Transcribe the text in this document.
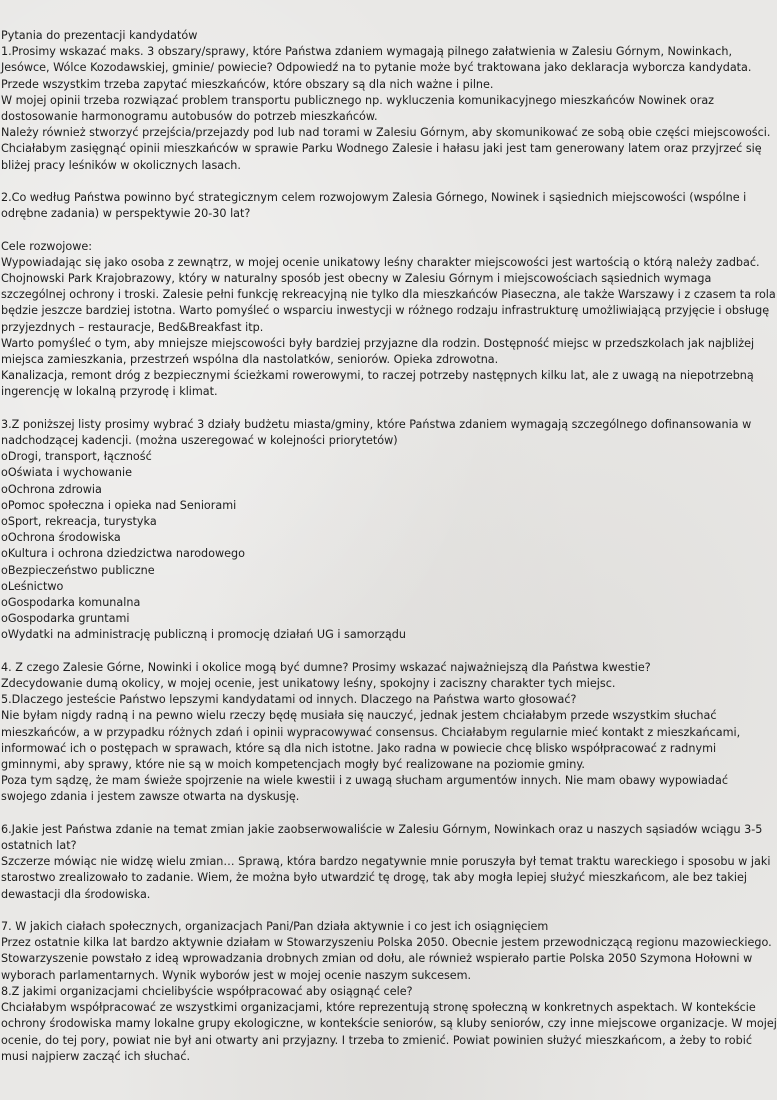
Pytania do prezentacji kandydatów

1.Prosimy wskazać maks. 3 obszary/sprawy, które Państwa zdaniem wymagają pilnego załatwienia w Zalesiu Górnym, Nowinkach, Jesówce, Wólce Kozodawskiej, gminie/ powiecie? Odpowiedź na to pytanie może być traktowana jako deklaracja wyborcza kandydata.

Przede wszystkim trzeba zapytać mieszkańców, które obszary są dla nich ważne i pilne.

W mojej opinii trzeba rozwiązać problem transportu publicznego np. wykluczenia komunikacyjnego mieszkańców Nowinek oraz dostosowanie harmonogramu autobusów do potrzeb mieszkańców.

Należy również stworzyć przejścia/przejazdy pod lub nad torami w Zalesiu Górnym, aby skomunikować ze sobą obie części miejscowości.

Chciałabym zasięgnąć opinii mieszkańców w sprawie Parku Wodnego Zalesie i hałasu jaki jest tam generowany latem oraz przyjrzeć się bliżej pracy leśników w okolicznych lasach.

2.Co według Państwa powinno być strategicznym celem rozwojowym Zalesia Górnego, Nowinek i sąsiednich miejscowości (wspólne i odrębne zadania) w perspektywie 20-30 lat?

Cele rozwojowe:

Wypowiadając się jako osoba z zewnątrz, w mojej ocenie unikatowy leśny charakter miejscowości jest wartością o którą należy zadbać. Chojnowski Park Krajobrazowy, który w naturalny sposób jest obecny w Zalesiu Górnym i miejscowościach sąsiednich wymaga szczególnej ochrony i troski. Zalesie pełni funkcję rekreacyjną nie tylko dla mieszkańców Piaseczna, ale także Warszawy i z czasem ta rola będzie jeszcze bardziej istotna. Warto pomyśleć o wsparciu inwestycji w różnego rodzaju infrastrukturę umożliwiającą przyjęcie i obsługę przyjezdnych – restauracje, Bed&Breakfast itp.

Warto pomyśleć o tym, aby mniejsze miejscowości były bardziej przyjazne dla rodzin. Dostępność miejsc w przedszkolach jak najbliżej miejsca zamieszkania, przestrzeń wspólna dla nastolatków, seniorów. Opieka zdrowotna.

Kanalizacja, remont dróg z bezpiecznymi ścieżkami rowerowymi, to raczej potrzeby następnych kilku lat, ale z uwagą na niepotrzebną ingerencję w lokalną przyrodę i klimat.

3.Z poniższej listy prosimy wybrać 3 działy budżetu miasta/gminy, które Państwa zdaniem wymagają szczególnego dofinansowania w nadchodzącej kadencji. (można uszeregować w kolejności priorytetów)

oDrogi, transport, łączność

oOświata i wychowanie

oOchrona zdrowia

oPomoc społeczna i opieka nad Seniorami

oSport, rekreacja, turystyka

oOchrona środowiska

oKultura i ochrona dziedzictwa narodowego

oBezpieczeństwo publiczne

oLeśnictwo

oGospodarka komunalna

oGospodarka gruntami

oWydatki na administrację publiczną i promocję działań UG i samorządu

4. Z czego Zalesie Górne, Nowinki i okolice mogą być dumne? Prosimy wskazać najważniejszą dla Państwa kwestie?

Zdecydowanie dumą okolicy, w mojej ocenie, jest unikatowy leśny, spokojny i zaciszny charakter tych miejsc.

5.Dlaczego jesteście Państwo lepszymi kandydatami od innych. Dlaczego na Państwa warto głosować?

Nie byłam nigdy radną i na pewno wielu rzeczy będę musiała się nauczyć, jednak jestem chciałabym przede wszystkim słuchać mieszkańców, a w przypadku różnych zdań i opinii wypracowywać consensus. Chciałabym regularnie mieć kontakt z mieszkańcami, informować ich o postępach w sprawach, które są dla nich istotne. Jako radna w powiecie chcę blisko współpracować z radnymi gminnymi, aby sprawy, które nie są w moich kompetencjach mogły być realizowane na poziomie gminy.

Poza tym sądzę, że mam świeże spojrzenie na wiele kwestii i z uwagą słucham argumentów innych. Nie mam obawy wypowiadać swojego zdania i jestem zawsze otwarta na dyskusję.

6.Jakie jest Państwa zdanie na temat zmian jakie zaobserwowaliście w Zalesiu Górnym, Nowinkach oraz u naszych sąsiadów wciągu 3-5 ostatnich lat?

Szczerze mówiąc nie widzę wielu zmian… Sprawą, która bardzo negatywnie mnie poruszyła był temat traktu wareckiego i sposobu w jaki starostwo zrealizowało to zadanie. Wiem, że można było utwardzić tę drogę, tak aby mogła lepiej służyć mieszkańcom, ale bez takiej dewastacji dla środowiska.

7. W jakich ciałach społecznych, organizacjach Pani/Pan działa aktywnie i co jest ich osiągnięciem

Przez ostatnie kilka lat bardzo aktywnie działam w Stowarzyszeniu Polska 2050. Obecnie jestem przewodniczącą regionu mazowieckiego. Stowarzyszenie powstało z ideą wprowadzania drobnych zmian od dołu, ale również wspierało partie Polska 2050 Szymona Hołowni w wyborach parlamentarnych. Wynik wyborów jest w mojej ocenie naszym sukcesem.

8.Z jakimi organizacjami chcielibyście współpracować aby osiągnąć cele?

Chciałabym współpracować ze wszystkimi organizacjami, które reprezentują stronę społeczną w konkretnych aspektach. W kontekście ochrony środowiska mamy lokalne grupy ekologiczne, w kontekście seniorów, są kluby seniorów, czy inne miejscowe organizacje. W mojej ocenie, do tej pory, powiat nie był ani otwarty ani przyjazny. I trzeba to zmienić. Powiat powinien służyć mieszkańcom, a żeby to robić musi najpierw zacząć ich słuchać.
